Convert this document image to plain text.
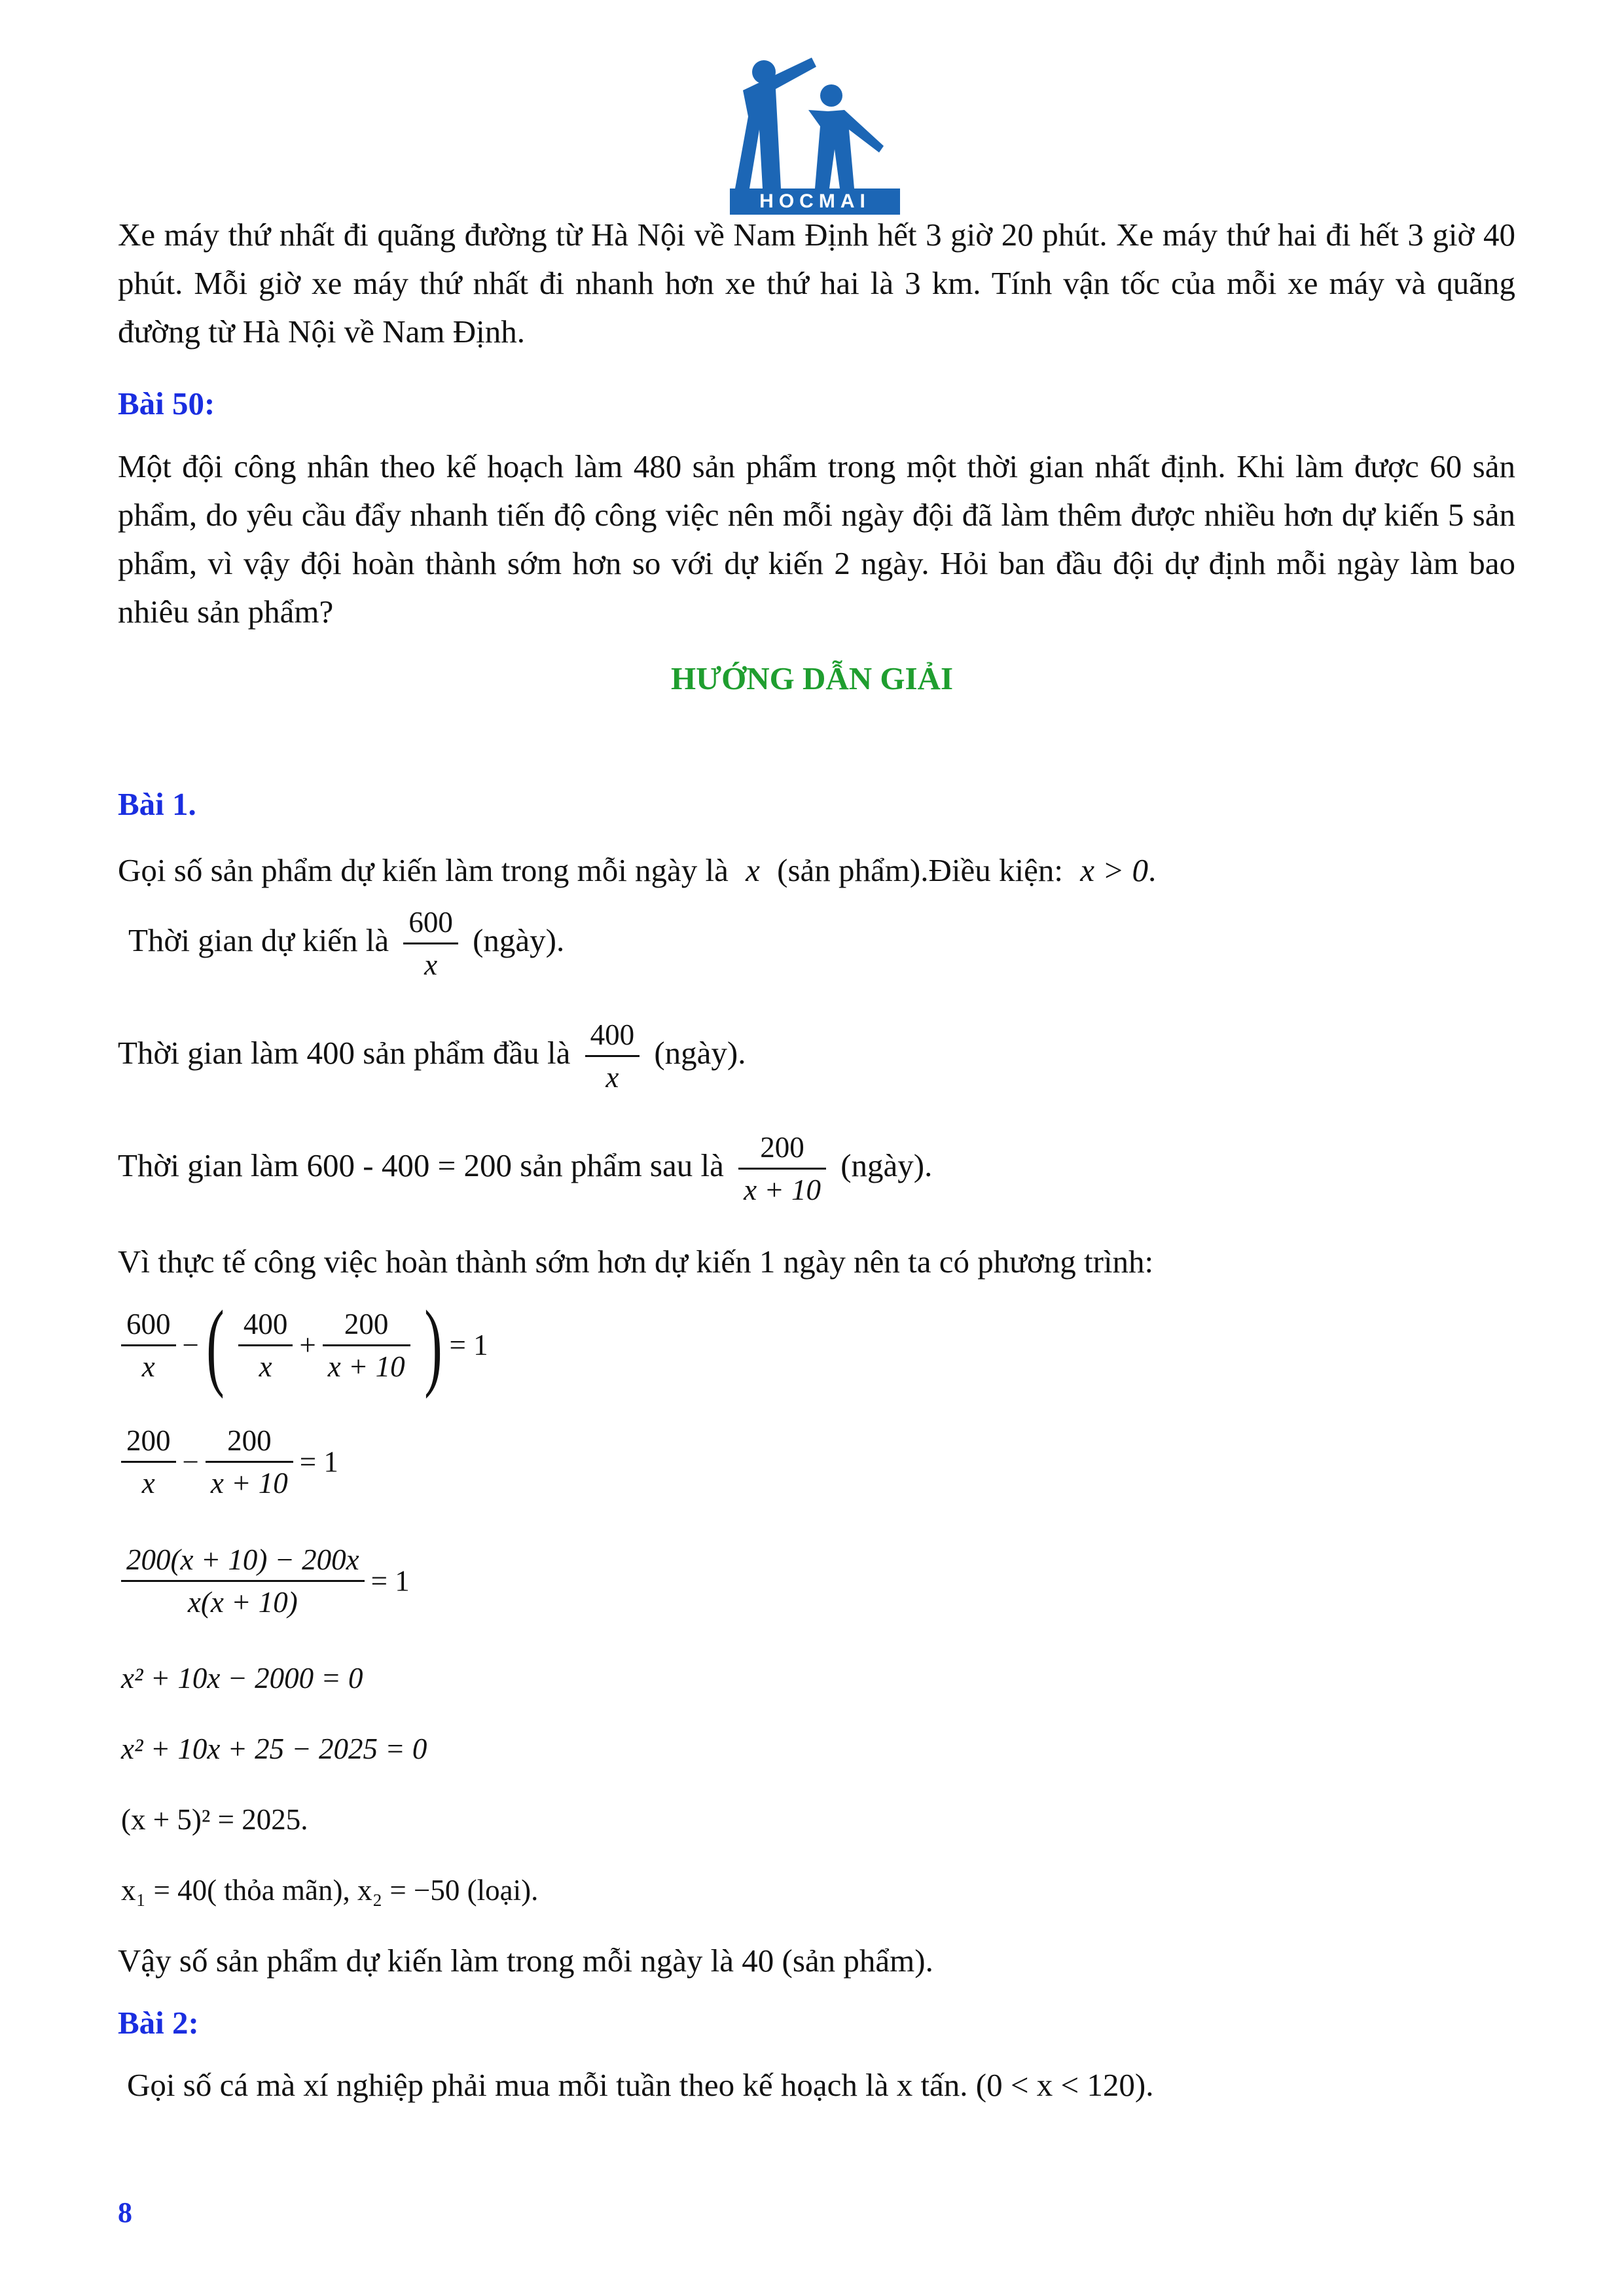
HOCMAI

Xe máy thứ nhất đi quãng đường từ Hà Nội về Nam Định hết 3 giờ 20 phút. Xe máy thứ hai đi hết 3 giờ 40 phút. Mỗi giờ xe máy thứ nhất đi nhanh hơn xe thứ hai là 3 km. Tính vận tốc của mỗi xe máy và quãng đường từ Hà Nội về Nam Định.

Bài 50:

Một đội công nhân theo kế hoạch làm 480 sản phẩm trong một thời gian nhất định. Khi làm được 60 sản phẩm, do yêu cầu đẩy nhanh tiến độ công việc nên mỗi ngày đội đã làm thêm được nhiều hơn dự kiến 5 sản phẩm, vì vậy đội hoàn thành sớm hơn so với dự kiến 2 ngày. Hỏi ban đầu đội dự định mỗi ngày làm bao nhiêu sản phẩm?

HƯỚNG DẪN GIẢI

Bài 1.

Gọi số sản phẩm dự kiến làm trong mỗi ngày là x (sản phẩm).Điều kiện: x > 0.
Thời gian dự kiến là $\frac{600}{x}$ (ngày).
Thời gian làm 400 sản phẩm đầu là $\frac{400}{x}$ (ngày).
Thời gian làm 600 - 400 = 200 sản phẩm sau là $\frac{200}{x + 10}$ (ngày).
Vì thực tế công việc hoàn thành sớm hơn dự kiến 1 ngày nên ta có phương trình:
$\frac{600}{x}$ −( $\frac{400}{x} + \frac{200}{x + 10}$ ) = 1
$\frac{200}{x} - \frac{200}{x + 10} = 1$
$\frac{200(x + 10) - 200x}{x(x + 10)} = 1$
x² + 10x − 2000 = 0
x² + 10x + 25 − 2025 = 0
(x + 5)² = 2025.
x₁ = 40( thỏa mãn), x₂ = −50 (loại).
Vậy số sản phẩm dự kiến làm trong mỗi ngày là 40 (sản phẩm).

Bài 2:

Gọi số cá mà xí nghiệp phải mua mỗi tuần theo kế hoạch là x tấn. (0 < x < 120).
8
